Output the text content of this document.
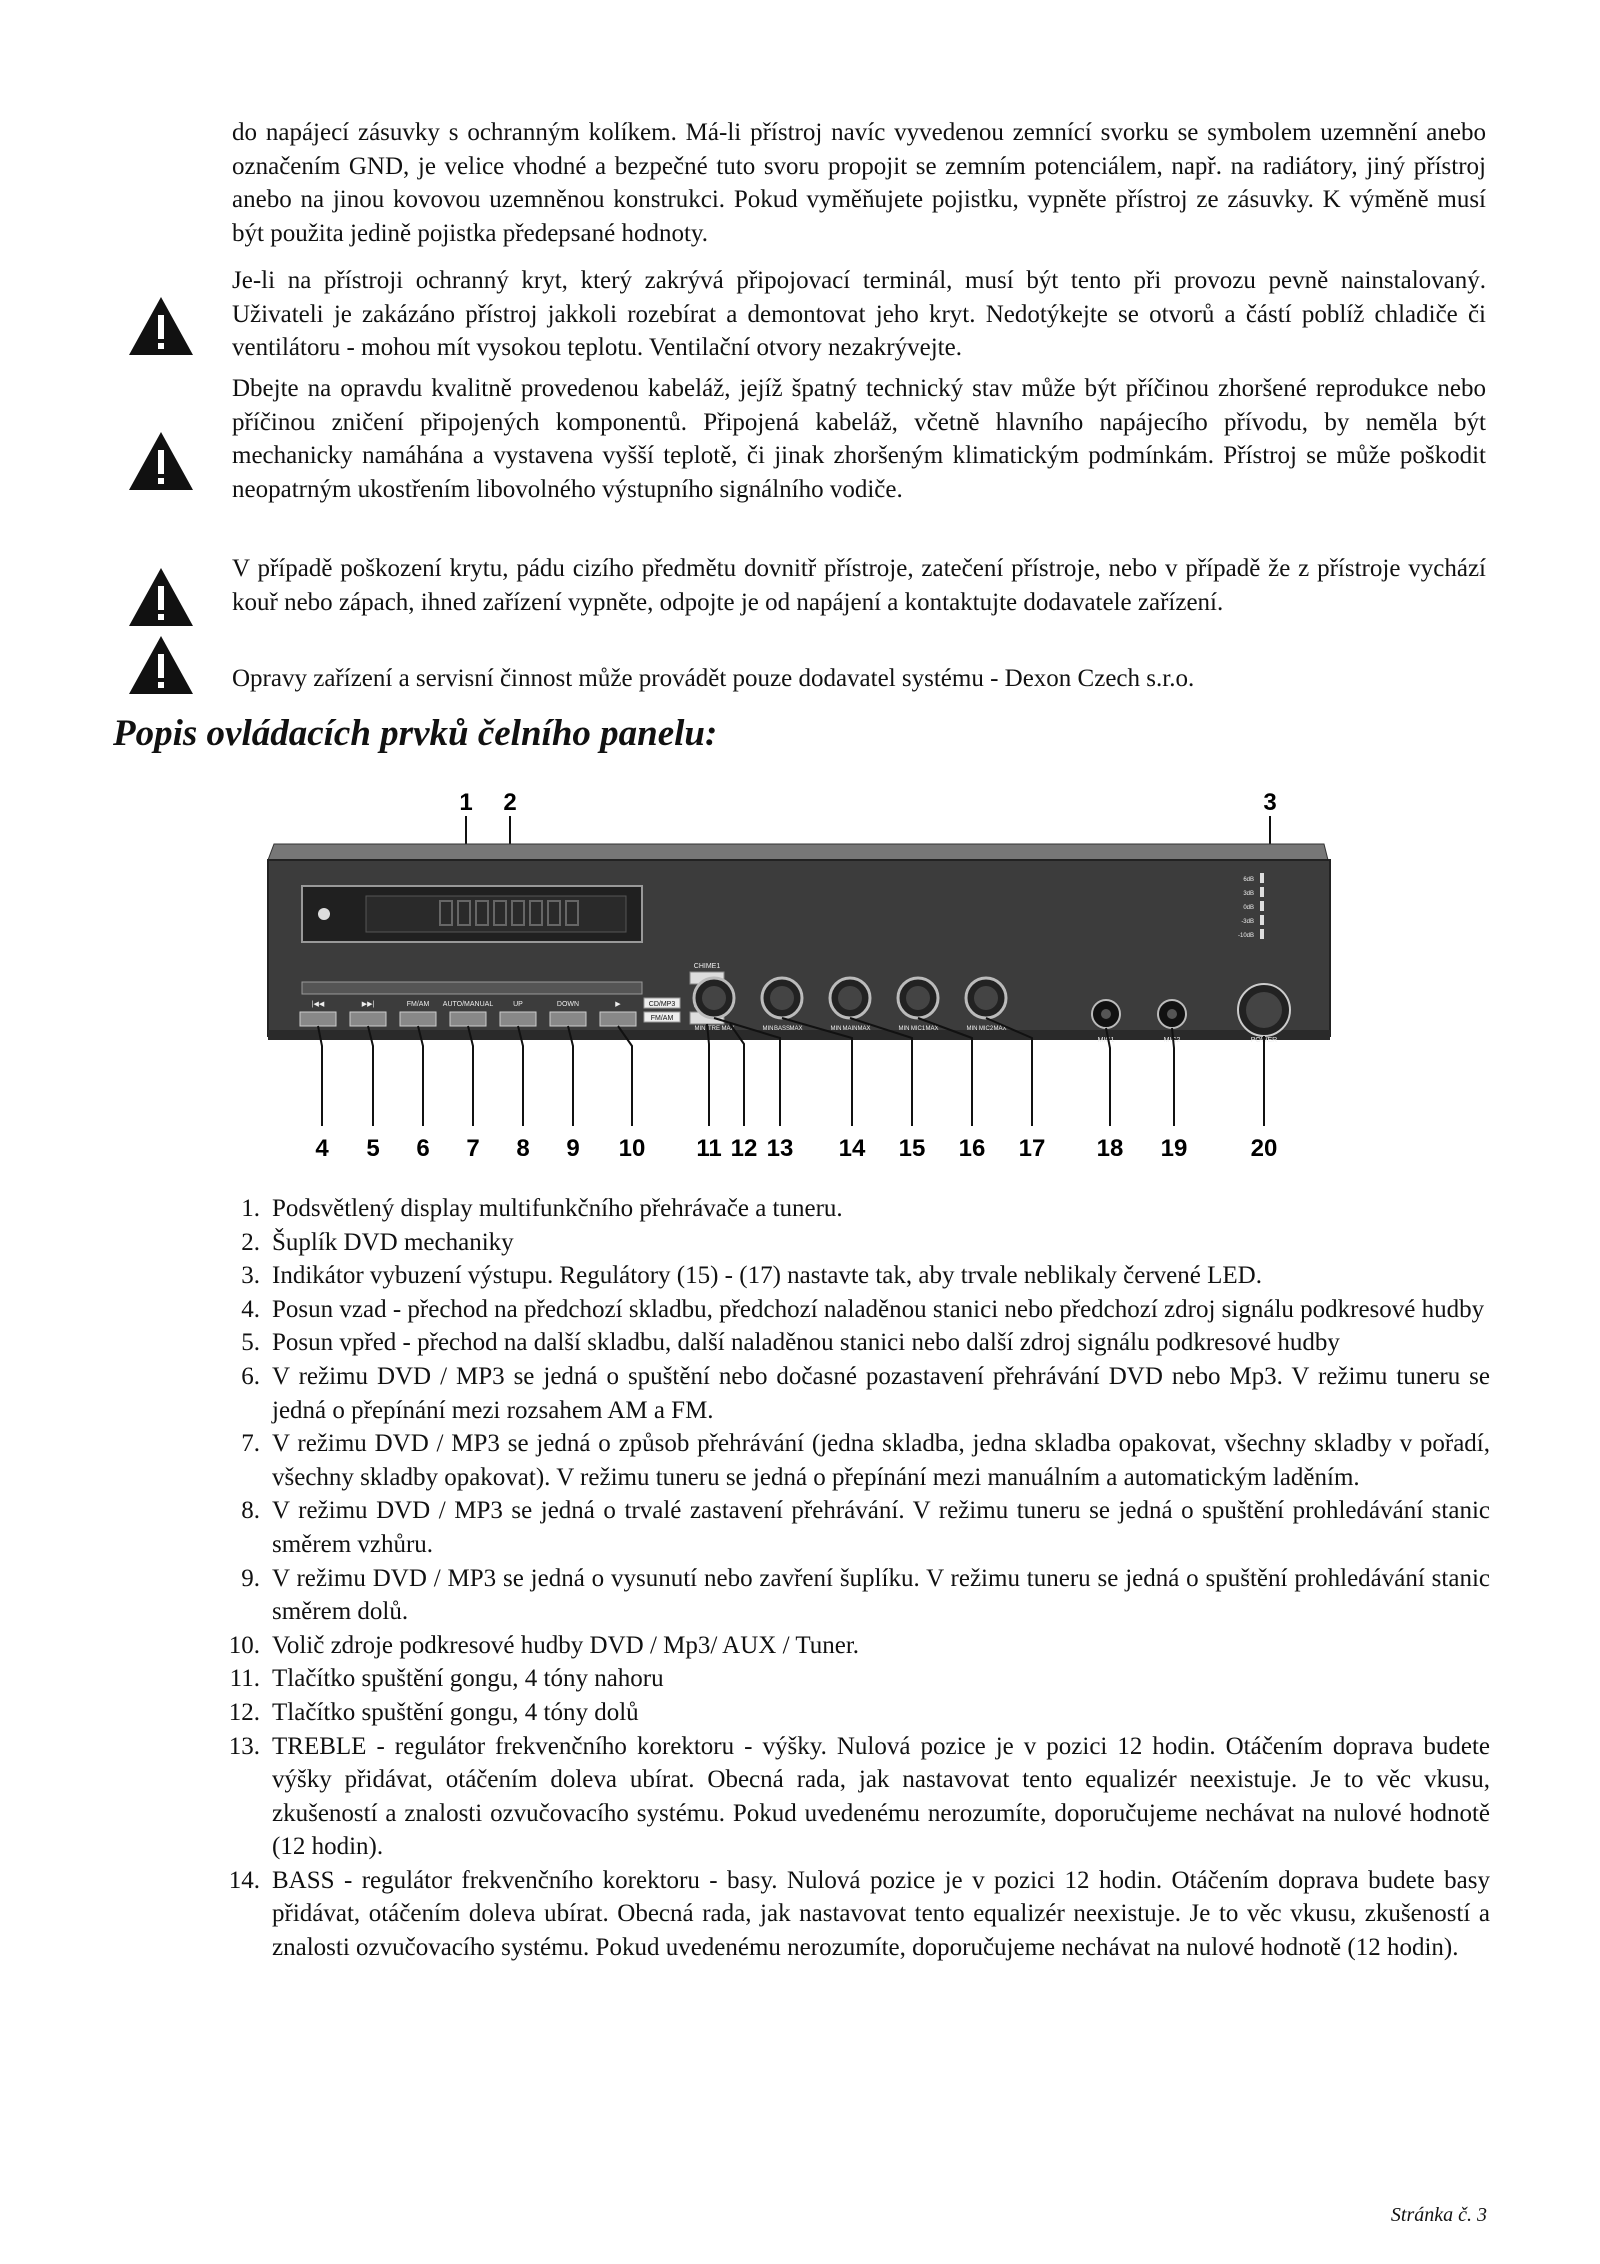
do napájecí zásuvky s ochranným kolíkem. Má-li přístroj navíc vyvedenou zemnící svorku se symbolem uzemnění anebo označením GND, je velice vhodné a bezpečné tuto svoru propojit se zemním potenciálem, např. na radiátory, jiný přístroj anebo na jinou kovovou uzemněnou konstrukci. Pokud vyměňujete pojistku, vypněte přístroj ze zásuvky. K výměně musí být použita jedině pojistka předepsané hodnoty.

Je-li na přístroji ochranný kryt, který zakrývá připojovací terminál, musí být tento při provozu pevně nainstalovaný. Uživateli je zakázáno přístroj jakkoli rozebírat a demontovat jeho kryt. Nedotýkejte se otvorů a částí poblíž chladiče či ventilátoru - mohou mít vysokou teplotu. Ventilační otvory nezakrývejte.

Dbejte na opravdu kvalitně provedenou kabeláž, jejíž špatný technický stav může být příčinou zhoršené reprodukce nebo příčinou zničení připojených komponentů. Připojená kabeláž, včetně hlavního napájecího přívodu, by neměla být mechanicky namáhána a vystavena vyšší teplotě, či jinak zhoršeným klimatickým podmínkám. Přístroj se může poškodit neopatrným ukostřením libovolného výstupního signálního vodiče.

V případě poškození krytu, pádu cizího předmětu dovnitř přístroje, zatečení přístroje, nebo v případě že z přístroje vychází kouř nebo zápach, ihned zařízení vypněte, odpojte je od napájení a kontaktujte dodavatele zařízení.

Opravy zařízení a servisní činnost může provádět pouze dodavatel systému - Dexon Czech s.r.o.

Popis ovládacích prvků čelního panelu:
1 2	3
|◀◀	▶▶|	FM/AM AUTO/MANUAL	UP	DOWN	▶	CD/MP3
FM/AM
CHIME1
MIN	MAX
TRE	MIN	MAX
BASS	MIN	MAX
MAIN	MIN	MAX
MIC1	MIN	MAX
MIC2
MIC1	MIC2	POWER
6dB
3dB
0dB
-3dB
-10dB
4 5 6 7 8 9 10 11 12 13 14 15 16 17 18 19	20
1. Podsvětlený display multifunkčního přehrávače a tuneru.
2. Šuplík DVD mechaniky
3. Indikátor vybuzení výstupu. Regulátory (15) - (17) nastavte tak, aby trvale neblikaly červené LED.
4. Posun vzad - přechod na předchozí skladbu, předchozí naladěnou stanici nebo předchozí zdroj signálu podkresové hudby
5. Posun vpřed - přechod na další skladbu, další naladěnou stanici nebo další zdroj signálu podkresové hudby
6. V režimu DVD / MP3 se jedná o spuštění nebo dočasné pozastavení přehrávání DVD nebo Mp3. V režimu tuneru se jedná o přepínání mezi rozsahem AM a FM.
7. V režimu DVD / MP3 se jedná o způsob přehrávání (jedna skladba, jedna skladba opakovat, všechny skladby v pořadí, všechny skladby opakovat). V režimu tuneru se jedná o přepínání mezi manuálním a automatickým laděním.
8. V režimu DVD / MP3 se jedná o trvalé zastavení přehrávání. V režimu tuneru se jedná o spuštění prohledávání stanic směrem vzhůru.
9. V režimu DVD / MP3 se jedná o vysunutí nebo zavření šuplíku. V režimu tuneru se jedná o spuštění prohledávání stanic směrem dolů.
10. Volič zdroje podkresové hudby DVD / Mp3/ AUX / Tuner.
11. Tlačítko spuštění gongu, 4 tóny nahoru
12. Tlačítko spuštění gongu, 4 tóny dolů
13. TREBLE - regulátor frekvenčního korektoru - výšky. Nulová pozice je v pozici 12 hodin. Otáčením doprava budete výšky přidávat, otáčením doleva ubírat. Obecná rada, jak nastavovat tento equalizér neexistuje. Je to věc vkusu, zkušeností a znalosti ozvučovacího systému. Pokud uvedenému nerozumíte, doporučujeme nechávat na nulové hodnotě (12 hodin).
14. BASS - regulátor frekvenčního korektoru - basy. Nulová pozice je v pozici 12 hodin. Otáčením doprava budete basy přidávat, otáčením doleva ubírat. Obecná rada, jak nastavovat tento equalizér neexistuje. Je to věc vkusu, zkušeností a znalosti ozvučovacího systému. Pokud uvedenému nerozumíte, doporučujeme nechávat na nulové hodnotě (12 hodin).
Stránka č. 3
